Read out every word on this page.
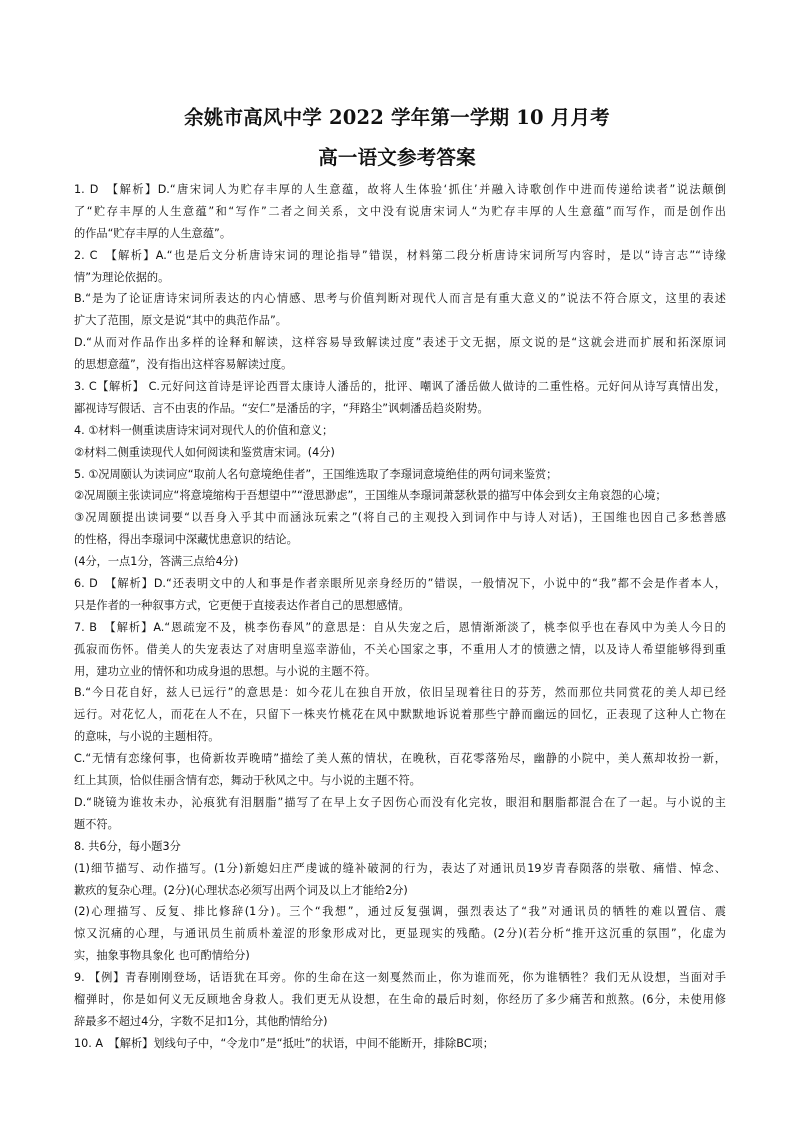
余姚市高风中学 2022 学年第一学期 10 月月考
高一语文参考答案
1. D　【解析】D.“唐宋词人为贮存丰厚的人生意蕴，故将人生体验‘抓住’并融入诗歌创作中进而传递给读者”说法颠倒
了“贮存丰厚的人生意蕴”和“写作”二者之间关系，文中没有说唐宋词人“为贮存丰厚的人生意蕴”而写作，而是创作出
的作品“贮存丰厚的人生意蕴”。
2. C　【解析】A.“也是后文分析唐诗宋词的理论指导”错误，材料第二段分析唐诗宋词所写内容时，是以“诗言志”“诗缘
情”为理论依据的。
B.“是为了论证唐诗宋词所表达的内心情感、思考与价值判断对现代人而言是有重大意义的”说法不符合原文，这里的表述
扩大了范围，原文是说“其中的典范作品”。
D.“从而对作品作出多样的诠释和解读，这样容易导致解读过度”表述于文无据，原文说的是“这就会进而扩展和拓深原词
的思想意蕴”，没有指出这样容易解读过度。
3. C【解析】 C.元好问这首诗是评论西晋太康诗人潘岳的，批评、嘲讽了潘岳做人做诗的二重性格。元好问从诗写真情出发，
鄙视诗写假话、言不由衷的作品。“安仁”是潘岳的字，“拜路尘”讽刺潘岳趋炎附势。
4. ①材料一侧重读唐诗宋词对现代人的价值和意义；
②材料二侧重读现代人如何阅读和鉴赏唐宋词。(4分)
5. ①况周颐认为读词应“取前人名句意境绝佳者”，王国维选取了李璟词意境绝佳的两句词来鉴赏；
②况周颐主张读词应“将意境缩构于吾想望中”“澄思渺虑”，王国维从李璟词萧瑟秋景的描写中体会到女主角哀怨的心境；
③况周颐提出读词要“以吾身入乎其中而涵泳玩索之”(将自己的主观投入到词作中与诗人对话)，王国维也因自己多愁善感
的性格，得出李璟词中深藏忧患意识的结论。
(4分，一点1分，答满三点给4分)
6. D　【解析】D.“还表明文中的人和事是作者亲眼所见亲身经历的”错误，一般情况下，小说中的“我”都不会是作者本人，
只是作者的一种叙事方式，它更便于直接表达作者自己的思想感情。
7. B　【解析】A.“恩疏宠不及，桃李伤春风”的意思是：自从失宠之后，恩情渐渐淡了，桃李似乎也在春风中为美人今日的
孤寂而伤怀。借美人的失宠表达了对唐明皇巡幸游仙，不关心国家之事，不重用人才的愤懑之情，以及诗人希望能够得到重
用，建功立业的情怀和功成身退的思想。与小说的主题不符。
B.“今日花自好，兹人已远行”的意思是：如今花儿在独自开放，依旧呈现着往日的芬芳，然而那位共同赏花的美人却已经
远行。对花忆人，而花在人不在，只留下一株夹竹桃花在风中默默地诉说着那些宁静而幽远的回忆，正表现了这种人亡物在
的意味，与小说的主题相符。
C.“无情有恋缘何事，也倚新妆弄晚晴”描绘了美人蕉的情状，在晚秋，百花零落殆尽，幽静的小院中，美人蕉却妆扮一新，
红上其顶，恰似佳丽含情有恋，舞动于秋风之中。与小说的主题不符。
D.“晓镜为谁妆未办，沁痕犹有泪胭脂”描写了在早上女子因伤心而没有化完妆，眼泪和胭脂都混合在了一起。与小说的主
题不符。
8. 共6分，每小题3分
(1)细节描写、动作描写。(1分)新媳妇庄严虔诚的缝补破洞的行为，表达了对通讯员19岁青春陨落的崇敬、痛惜、悼念、
歉疚的复杂心理。(2分)(心理状态必须写出两个词及以上才能给2分)
(2)心理描写、反复、排比修辞(1分)。三个“我想”，通过反复强调，强烈表达了“我”对通讯员的牺牲的难以置信、震
惊又沉痛的心理，与通讯员生前质朴羞涩的形象形成对比，更显现实的残酷。(2分)(若分析“推开这沉重的氛围”，化虚为
实，抽象事物具象化 也可酌情给分)
9. 【例】青春刚刚登场，话语犹在耳旁。你的生命在这一刻戛然而止，你为谁而死，你为谁牺牲？我们无从设想，当面对手
榴弹时，你是如何义无反顾地舍身救人。我们更无从设想，在生命的最后时刻，你经历了多少痛苦和煎熬。(6分，未使用修
辞最多不超过4分，字数不足扣1分，其他酌情给分)
10. A　【解析】划线句子中，“令龙巾”是“抵吐”的状语，中间不能断开，排除BC项；
